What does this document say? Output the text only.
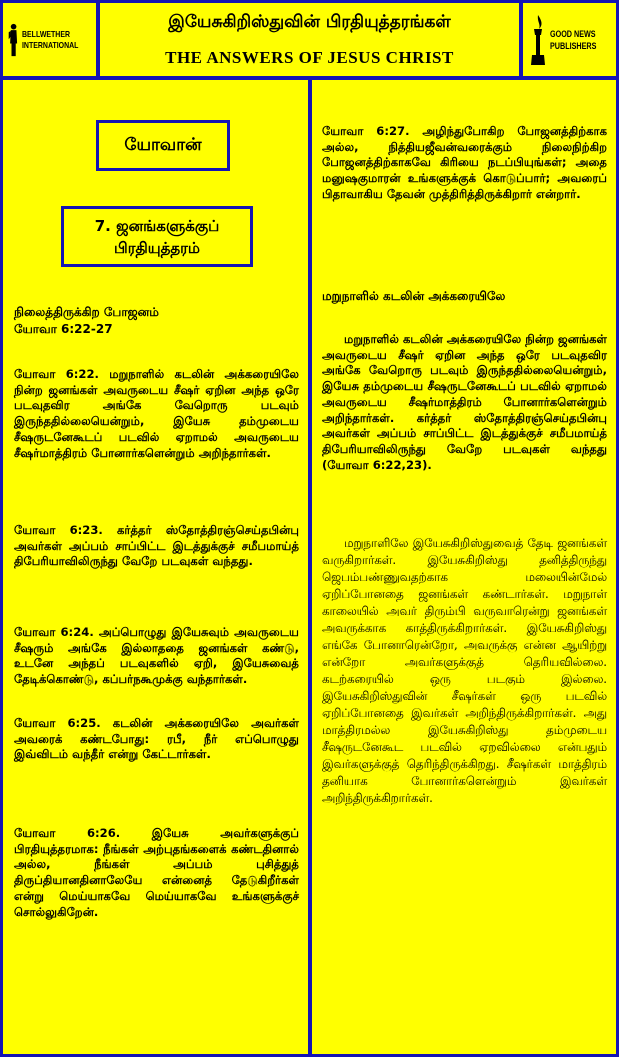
BELLWETHER
INTERNATIONAL
இயேசுகிறிஸ்துவின் பிரதியுத்தரங்கள்
THE ANSWERS OF JESUS CHRIST
GOOD NEWS
PUBLISHERS
யோவான்
7. ஜனங்களுக்குப் பிரதியுத்தரம்
நிலைத்திருக்கிற போஜனம்
யோவா 6:22-27
யோவா 6:22. மறுநாளில் கடலின் அக்கரையிலே நின்ற ஜனங்கள் அவருடைய சீஷர் ஏறின அந்த ஒரே படவுதவிர அங்கே வேறொரு படவும் இருந்ததில்லையென்றும், இயேசு தம்முடைய சீஷருடனேகூடப் படவில் ஏறாமல் அவருடைய சீஷர்மாத்திரம் போனார்களென்றும் அறிந்தார்கள்.
யோவா 6:23. கர்த்தர் ஸ்தோத்திரஞ்செய்தபின்பு அவர்கள் அப்பம் சாப்பிட்ட இடத்துக்குச் சமீபமாய்த் திபேரியாவிலிருந்து வேறே படவுகள் வந்தது.
யோவா 6:24. அப்பொழுது இயேசுவும் அவருடைய சீஷரும் அங்கே இல்லாததை ஜனங்கள் கண்டு, உடனே அந்தப் படவுகளில் ஏறி, இயேசுவைத் தேடிக்கொண்டு, கப்பர்நகூமுக்கு வந்தார்கள்.
யோவா 6:25. கடலின் அக்கரையிலே அவர்கள் அவரைக் கண்டபோது: ரபீ, நீர் எப்பொழுது இவ்விடம் வந்தீர் என்று கேட்டார்கள்.
யோவா 6:26. இயேசு அவர்களுக்குப் பிரதியுத்தரமாக: நீங்கள் அற்புதங்களைக் கண்டதினால் அல்ல, நீங்கள் அப்பம் புசித்துத் திருப்தியானதினாலேயே என்னைத் தேடுகிறீர்கள் என்று மெய்யாகவே மெய்யாகவே உங்களுக்குச் சொல்லுகிறேன்.
யோவா 6:27. அழிந்துபோகிற போஜனத்திற்காக அல்ல, நித்தியஜீவன்வரைக்கும் நிலைநிற்கிற போஜனத்திற்காகவே கிரியை நடப்பியுங்கள்; அதை மனுஷகுமாரன் உங்களுக்குக் கொடுப்பார்; அவரைப் பிதாவாகிய தேவன் முத்திரித்திருக்கிறார் என்றார்.
மறுநாளில் கடலின் அக்கரையிலே
மறுநாளில் கடலின் அக்கரையிலே நின்ற ஜனங்கள் அவருடைய சீஷர் ஏறின அந்த ஒரே படவுதவிர அங்கே வேறொரு படவும் இருந்ததில்லையென்றும், இயேசு தம்முடைய சீஷருடனேகூடப் படவில் ஏறாமல் அவருடைய சீஷர்மாத்திரம் போனார்களென்றும் அறிந்தார்கள். கர்த்தர் ஸ்தோத்திரஞ்செய்தபின்பு அவர்கள் அப்பம் சாப்பிட்ட இடத்துக்குச் சமீபமாய்த் திபேரியாவிலிருந்து வேறே படவுகள் வந்தது (யோவா 6:22,23).
மறுநாளிலே இயேசுகிறிஸ்துவைத் தேடி ஜனங்கள் வருகிறார்கள். இயேசுகிறிஸ்து தனித்திருந்து ஜெபம்பண்ணுவதற்காக மலையின்மேல் ஏறிப்போனதை ஜனங்கள் கண்டார்கள். மறுநாள் காலையில் அவர் திரும்பி வருவாரென்று ஜனங்கள் அவருக்காக காத்திருக்கிறார்கள். இயேசுகிறிஸ்து எங்கே போனாரென்றோ, அவருக்கு என்ன ஆயிற்று என்றோ அவர்களுக்குத் தெரியவில்லை. கடற்கரையில் ஒரு படகும் இல்லை. இயேசுகிறிஸ்துவின் சீஷர்கள் ஒரு படவில் ஏறிப்போனதை இவர்கள் அறிந்திருக்கிறார்கள். அது மாத்திரமல்ல இயேசுகிறிஸ்து தம்முடைய சீஷருடனேகூட படவில் ஏறவில்லை என்பதும் இவர்களுக்குத் தெரிந்திருக்கிறது. சீஷர்கள் மாத்திரம் தனியாக போனார்களென்றும் இவர்கள் அறிந்திருக்கிறார்கள்.
